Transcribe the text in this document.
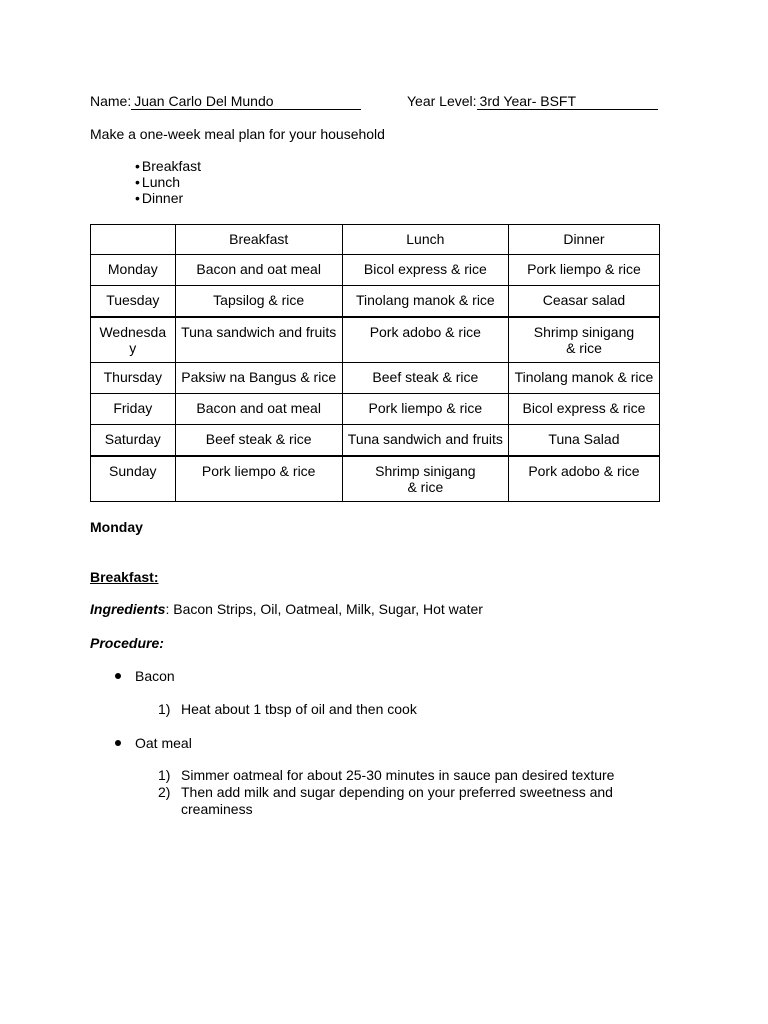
Name: Juan Carlo Del Mundo	Year Level: 3rd Year- BSFT
Make a one-week meal plan for your household
• Breakfast
• Lunch
• Dinner
	Breakfast	Lunch	Dinner
Monday	Bacon and oat meal	Bicol express & rice	Pork liempo & rice
Tuesday	Tapsilog & rice	Tinolang manok & rice	Ceasar salad
Wednesday	Tuna sandwich and fruits	Pork adobo & rice	Shrimp sinigang & rice
Thursday	Paksiw na Bangus & rice	Beef steak & rice	Tinolang manok & rice
Friday	Bacon and oat meal	Pork liempo & rice	Bicol express & rice
Saturday	Beef steak & rice	Tuna sandwich and fruits	Tuna Salad
Sunday	Pork liempo & rice	Shrimp sinigang & rice	Pork adobo & rice
Monday
Breakfast:
Ingredients: Bacon Strips, Oil, Oatmeal, Milk, Sugar, Hot water
Procedure:
Bacon
1) Heat about 1 tbsp of oil and then cook
Oat meal
1) Simmer oatmeal for about 25-30 minutes in sauce pan desired texture
2) Then add milk and sugar depending on your preferred sweetness and creaminess
